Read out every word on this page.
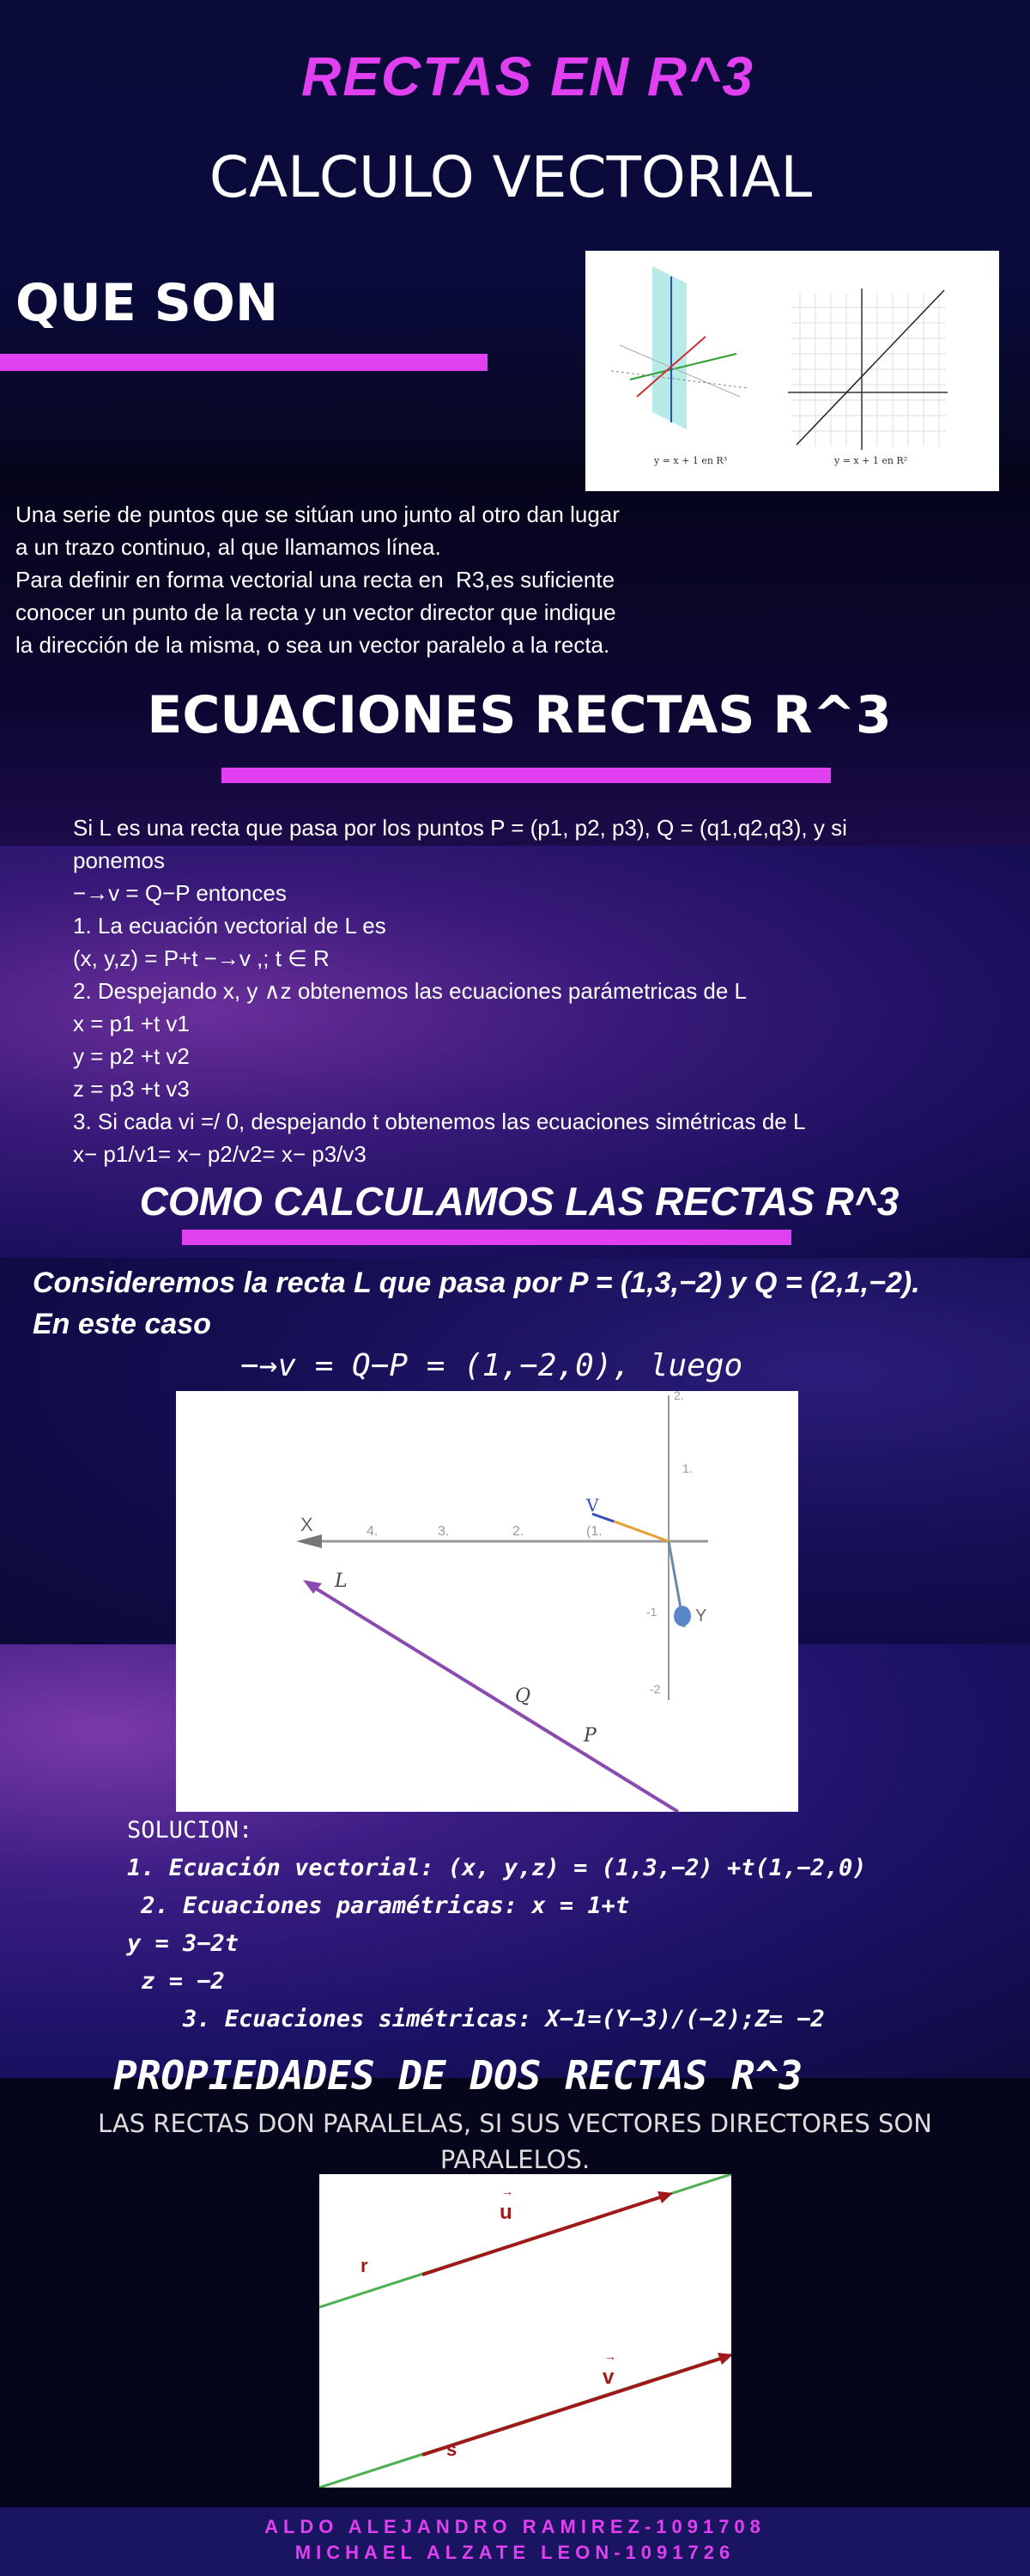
RECTAS EN R^3
CALCULO VECTORIAL
QUE SON
y = x + 1 en R³	y = x + 1 en R²
Una serie de puntos que se sitúan uno junto al otro dan lugar
a un trazo continuo, al que llamamos línea.
Para definir en forma vectorial una recta en  R3,es suficiente
conocer un punto de la recta y un vector director que indique
la dirección de la misma, o sea un vector paralelo a la recta.
ECUACIONES RECTAS R^3
Si L es una recta que pasa por los puntos P = (p1, p2, p3), Q = (q1,q2,q3), y si
ponemos
−→v = Q−P entonces
1. La ecuación vectorial de L es
(x, y,z) = P+t −→v ,; t ∈ R
2. Despejando x, y ∧z obtenemos las ecuaciones parámetricas de L
x = p1 +t v1
y = p2 +t v2
z = p3 +t v3
3. Si cada vi =/ 0, despejando t obtenemos las ecuaciones simétricas de L
x− p1/v1= x− p2/v2= x− p3/v3
COMO CALCULAMOS LAS RECTAS R^3
Consideremos la recta L que pasa por P = (1,3,−2) y Q = (2,1,−2).
En este caso
−→v = Q−P = (1,−2,0), luego
X
Y
V
L
Q
P
4.	3.	2.	(1.
2.
1.
-1
-2
SOLUCION:
1. Ecuación vectorial: (x, y,z) = (1,3,−2) +t(1,−2,0)
2. Ecuaciones paramétricas: x = 1+t
y = 3−2t
z = −2
3. Ecuaciones simétricas: X−1=(Y−3)/(−2);Z= −2
PROPIEDADES DE DOS RECTAS R^3
LAS RECTAS DON PARALELAS, SI SUS VECTORES DIRECTORES SON
PARALELOS.
u
→
v
→
r
s
ALDO ALEJANDRO RAMIREZ-1091708
MICHAEL ALZATE LEON-1091726
